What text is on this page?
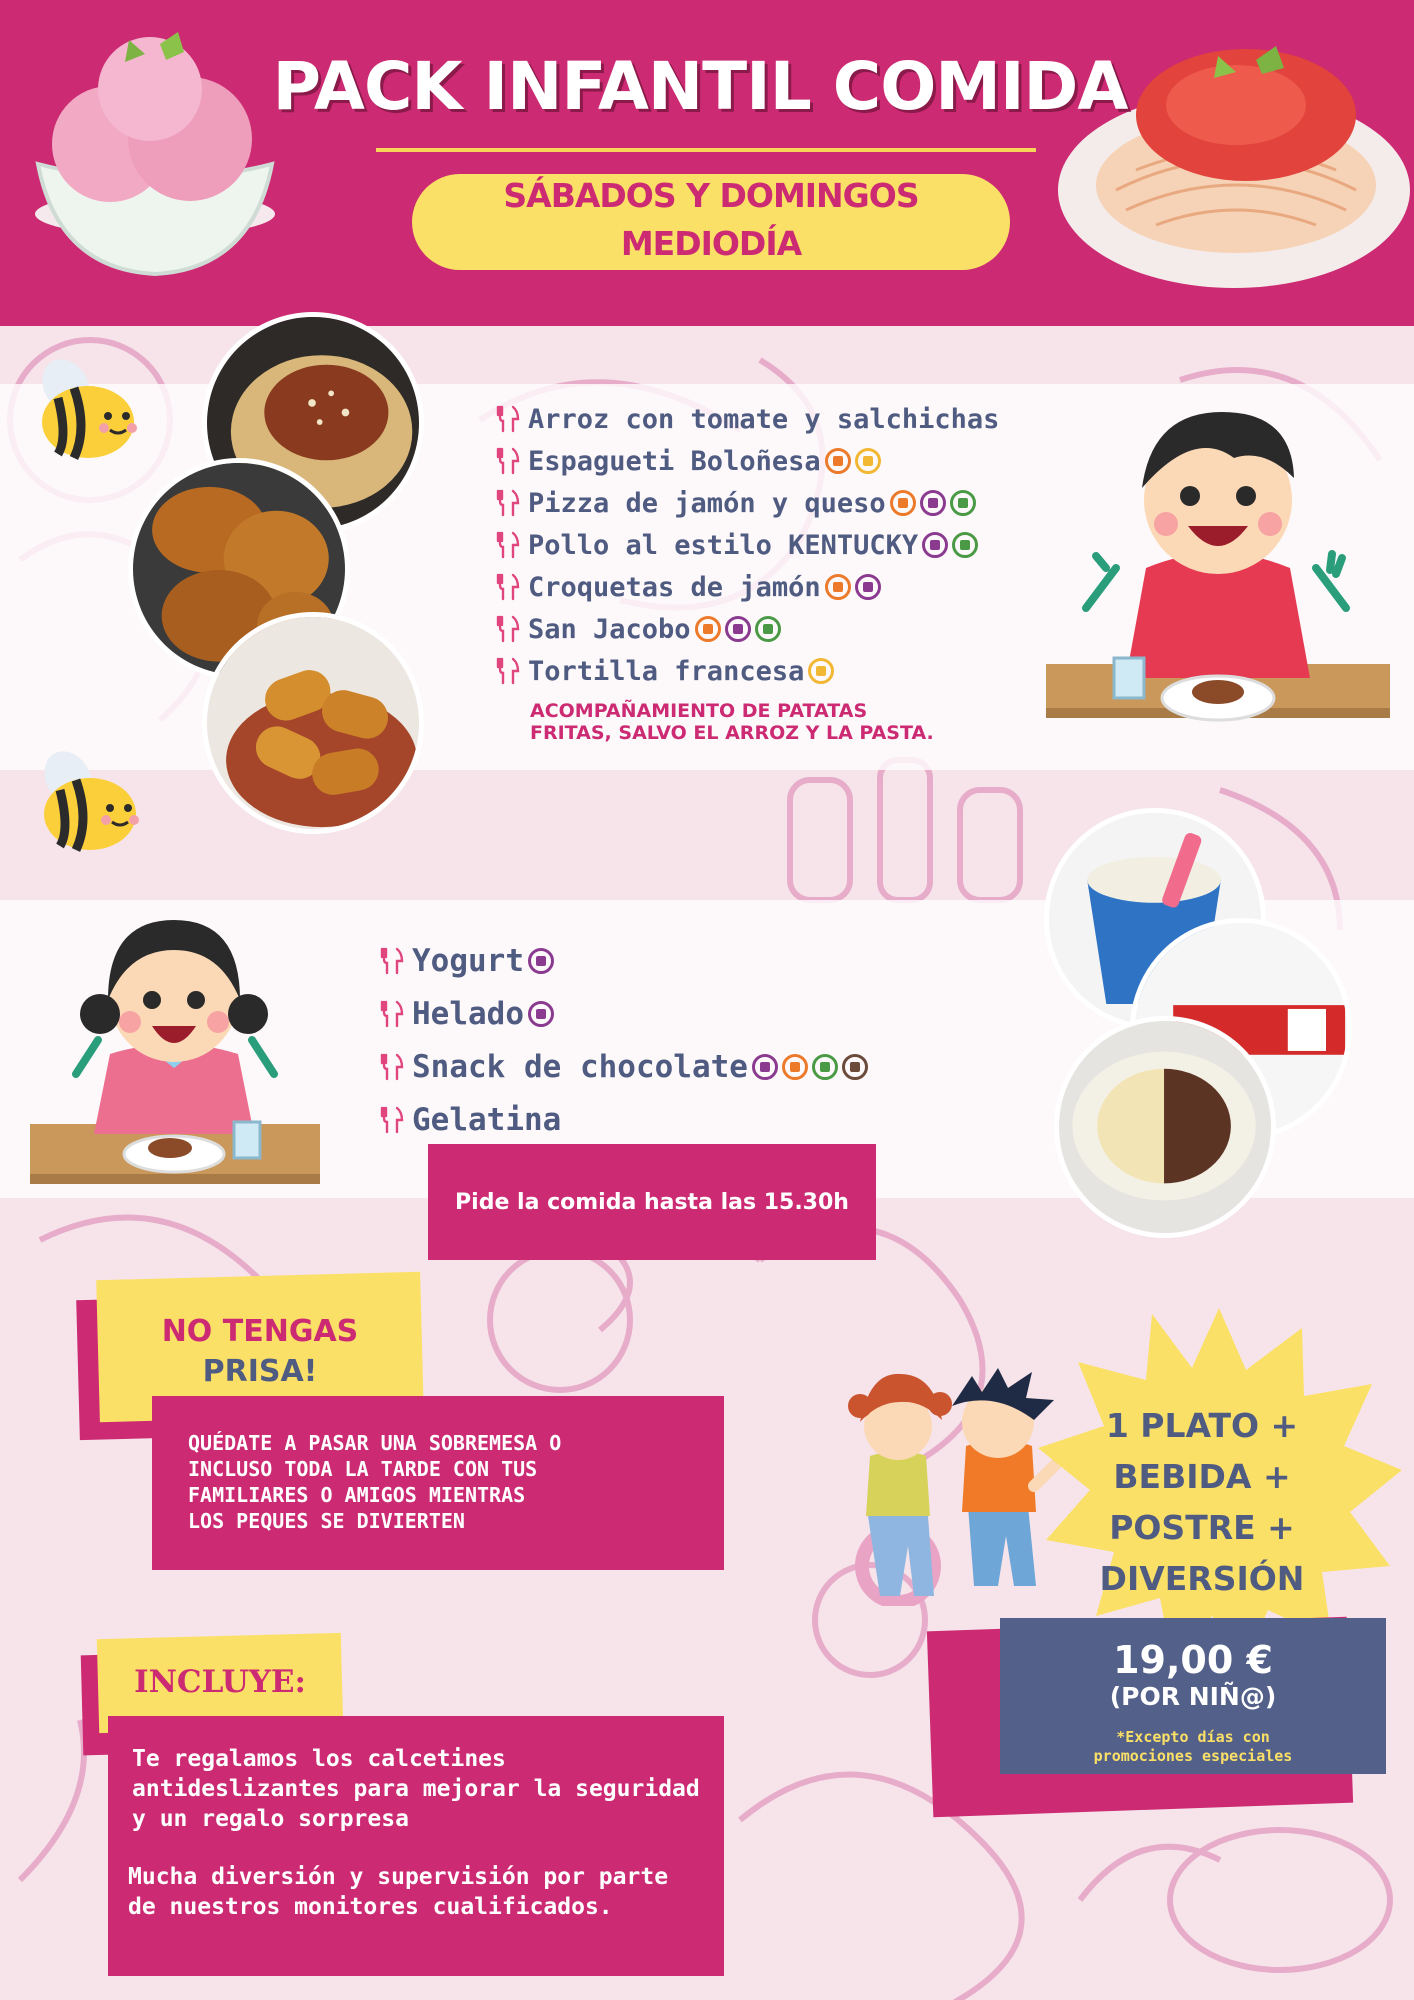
PACK INFANTIL COMIDA
SÁBADOS Y DOMINGOS
MEDIODÍA
Arroz con tomate y salchichas
Espagueti Boloñesa
Pizza de jamón y queso
Pollo al estilo KENTUCKY
Croquetas de jamón
San Jacobo
Tortilla francesa
ACOMPAÑAMIENTO DE PATATAS
FRITAS, SALVO EL ARROZ Y LA PASTA.
Yogurt
Helado
Snack de chocolate
Gelatina
Pide la comida hasta las 15.30h
NO TENGAS
PRISA!
QUÉDATE A PASAR UNA SOBREMESA O
INCLUSO TODA LA TARDE CON TUS
FAMILIARES O AMIGOS MIENTRAS
LOS PEQUES SE DIVIERTEN
INCLUYE:
Te regalamos los calcetines antideslizantes para mejorar la seguridad y un regalo sorpresa
Mucha diversión y supervisión por parte de nuestros monitores cualificados.
1 PLATO +
BEBIDA +
POSTRE +
DIVERSIÓN
19,00 €
(POR NIÑ@)
*Excepto días con
promociones especiales
